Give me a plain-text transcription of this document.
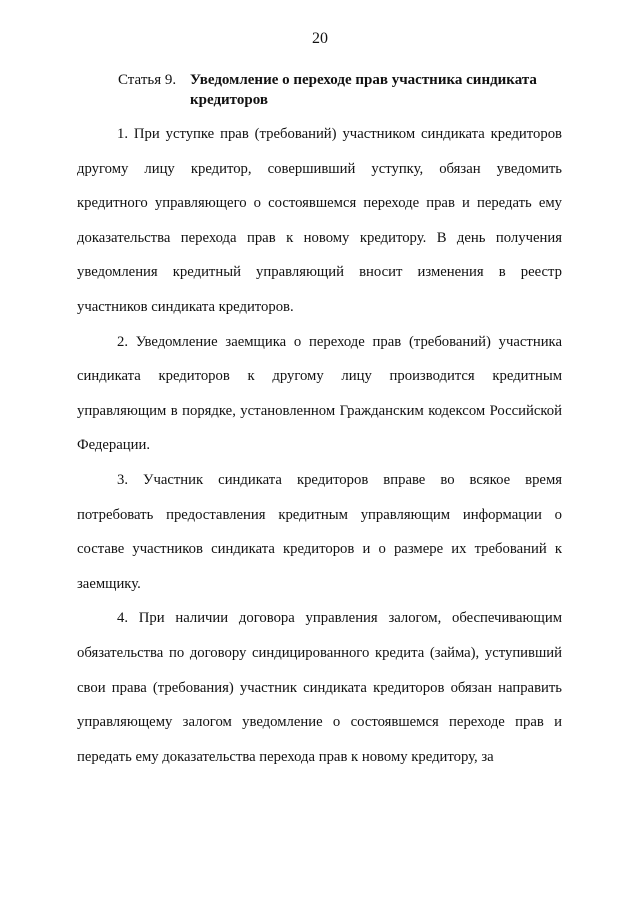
20
Статья 9. Уведомление о переходе прав участника синдиката кредиторов

1. При уступке прав (требований) участником синдиката кредиторов другому лицу кредитор, совершивший уступку, обязан уведомить кредитного управляющего о состоявшемся переходе прав и передать ему доказательства перехода прав к новому кредитору. В день получения уведомления кредитный управляющий вносит изменения в реестр участников синдиката кредиторов.

2. Уведомление заемщика о переходе прав (требований) участника синдиката кредиторов к другому лицу производится кредитным управляющим в порядке, установленном Гражданским кодексом Российской Федерации.

3. Участник синдиката кредиторов вправе во всякое время потребовать предоставления кредитным управляющим информации о составе участников синдиката кредиторов и о размере их требований к заемщику.

4. При наличии договора управления залогом, обеспечивающим обязательства по договору синдицированного кредита (займа), уступивший свои права (требования) участник синдиката кредиторов обязан направить управляющему залогом уведомление о состоявшемся переходе прав и передать ему доказательства перехода прав к новому кредитору, за
